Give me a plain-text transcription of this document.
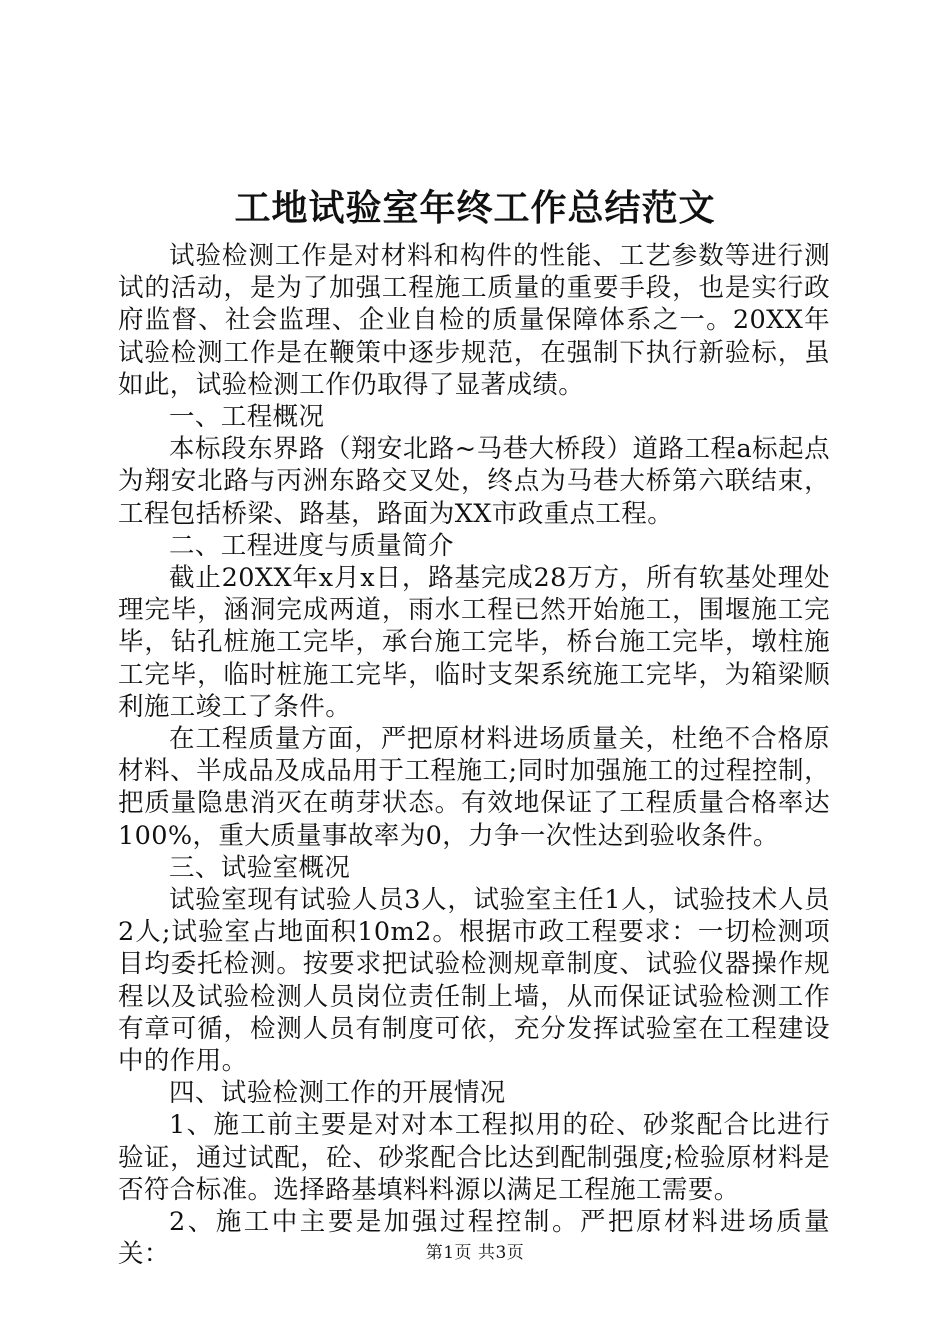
工地试验室年终工作总结范文

试验检测工作是对材料和构件的性能、工艺参数等进行测试的活动，是为了加强工程施工质量的重要手段，也是实行政府监督、社会监理、企业自检的质量保障体系之一。20XX年试验检测工作是在鞭策中逐步规范，在强制下执行新验标，虽如此，试验检测工作仍取得了显著成绩。

一、工程概况

本标段东界路（翔安北路~马巷大桥段）道路工程a标起点为翔安北路与丙洲东路交叉处，终点为马巷大桥第六联结束，工程包括桥梁、路基，路面为XX市政重点工程。

二、工程进度与质量简介

截止20XX年x月x日，路基完成28万方，所有软基处理处理完毕，涵洞完成两道，雨水工程已然开始施工，围堰施工完毕，钻孔桩施工完毕，承台施工完毕，桥台施工完毕，墩柱施工完毕，临时桩施工完毕，临时支架系统施工完毕，为箱梁顺利施工竣工了条件。

在工程质量方面，严把原材料进场质量关，杜绝不合格原材料、半成品及成品用于工程施工;同时加强施工的过程控制，把质量隐患消灭在萌芽状态。有效地保证了工程质量合格率达100%，重大质量事故率为0，力争一次性达到验收条件。

三、试验室概况

试验室现有试验人员3人，试验室主任1人，试验技术人员2人;试验室占地面积10m2。根据市政工程要求：一切检测项目均委托检测。按要求把试验检测规章制度、试验仪器操作规程以及试验检测人员岗位责任制上墙，从而保证试验检测工作有章可循，检测人员有制度可依，充分发挥试验室在工程建设中的作用。

四、试验检测工作的开展情况

1、施工前主要是对对本工程拟用的砼、砂浆配合比进行验证，通过试配，砼、砂浆配合比达到配制强度;检验原材料是否符合标准。选择路基填料料源以满足工程施工需要。

2、施工中主要是加强过程控制。严把原材料进场质量关：	第1页 共3页
